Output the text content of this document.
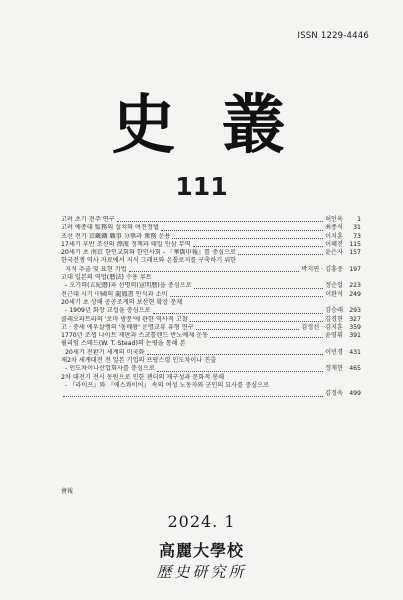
ISSN 1229-4446
史叢
111
고려 초기 전주 연구	허인욱	1
고려 예종대 監務의 설치와 여진정벌	최종석	31
조선 전기 京畿鐵 職事 分擧과 衆務 운용	이지훈	73
17세기 후반 조선의 漂流 정책과 태일 인삼 무역	이혜진 115
20세기 초 南京 한인교회와 한인사회 - 『華僑申報』를 중심으로	윤은자 157
한국전쟁 역사 자료에서 지식 그래프와 온톨로지를 구축하기 위한
지식 추출 및 표현 기법	박지연 · 김흥중 197
고대 일본의 역법(曆法) 수용 루트
- 오기력(五紀曆)과 선명력(宣明曆)을 중심으로	정순일 223
전근대 시기 中國의 龍鳳書 인식과 소비	이완석 249
20세기 초 상해 공공조계의 보산현 확장 문제
- 1909년 화장 교섭을 중심으로	김승래 293
클레오파트라의 '로마 방문'에 관한 역사적 고찰	김경현 327
고 · 중세 에우살렘의 '돔배왕' 운명교류 유형 연구	김정선 · 김지훈 359
1770년 조셉 나이트 재판과 스코틀랜드 반노예제 운동	윤영휘 391
윌리엄 스테드(W. T. Stead)의 논평을 통해 본
20세기 전환기 세계의 미국화	이민경 431
제2차 세계대전 전 일본 기업의 프랑스령 인도차이나 진출
- 인도차이나산업회사를 중심으로	정재현 465
2차 대전기 전시 동원으로 인한 젠더의 재구성과 문화적 봉쇄
- 『라이프』와 『에스콰이어』 속의 여성 노동자와 군인의 묘사를 중심으로
김정욱 499
會報
2024. 1
高麗大學校
歷史研究所
